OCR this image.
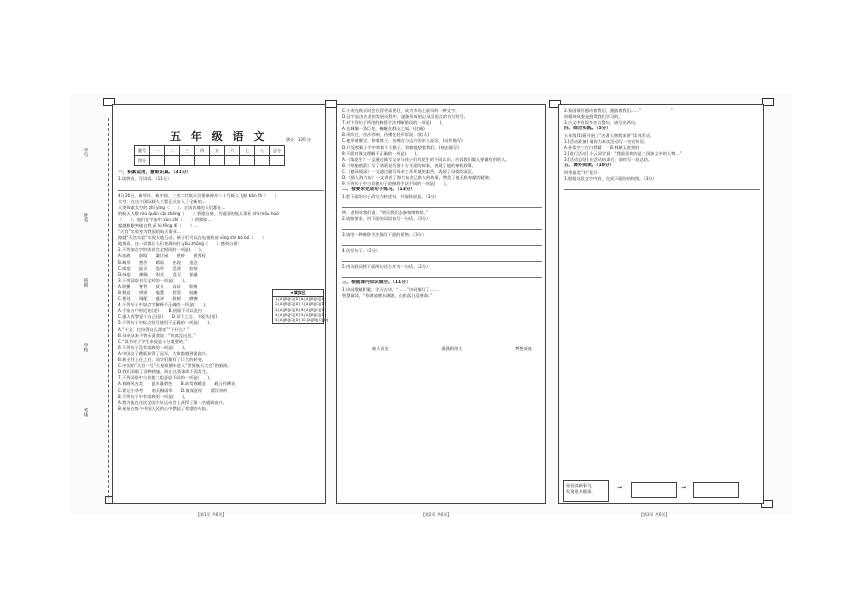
学号
姓名
班级
学校
考场
五 年 级 语 文	满分：120 分
题号	一	二	三	四	五	六	七	八	总分
得分									
一、积累运用，慧眼识真。（31分）
1.读拼音，写词语。（11分）
4月26日，新华社、新中国、三杰二红航天员搭乘神舟二十号载人飞船 bān fā（　　）
太空。在这个国际载人工程正式步入了全新的...
人类探索太空的 zhǐ yǐng（　　）。全国各地的人们都在...
的航天人敬 mù quān cǎi zhēng（　　）骄傲自豪，为祖国的航天事业 chí mōu huò
（　　）。他们在宇宙中 xùn zhǐ（　　）的脚步...
超越极限突破自我 yī lù fēng dī（　　）...
“天宫”实验室为我国的航天事业...
路越“天宫实验”实现天地互动，新子们可以在电视机前 xīng zhì bó bó（　　）
地观看，这一切都让人们充满向往 yǒu zhōng（　　）感到自豪！
2.下列加点字的读音完全相同的一项是(　　)。
A.血液　　崩塌　　谦让闲　　供桥　　供养权
B.畸形　　愁苦　　晴雨　　出现　　追念
C.威望　　捉弄　　恐吓　　晃荡　　狡辩
D.咏思　　瞅瞄　　纵比　　盘亘　　掂量
3.下列词语书写全对的一项是(　　)。
A.纵横　　脊背　　拭又　　耸耸　　欺悔
B.惬意　　辨别　　聪慧　　唇窝　　脏腑
C.相处　　调配　　慈祥　　脸颊　　磨擦
4.下列句子中加点字解释不正确的一项是(　　)。
A.千家万户相近处(见) 　　B.剖面不可以乱扫
C.强人有警觉于自己(意)　　D.哥于之言，不能失(语)
5.下列句子中标点符号使用不正确的一项是(　　)。
A.“小宝，打扮得这么漂亮”“干什么？”
B.母亲从来不曾斥责我说：“你真没出息。”
C.“读书对于学生来说是十分重要的。”
6.下列句子没有语病的一项是(　　)。
A.中国女子跳板获得了冠军，大家都感到很高兴。
B.新主任上任之后，同学们都有了巨大的转变。
C.中国的“天宫一号”火星探测车进入“世界航天大会”的新闻。
D.我们采取了各种措施，防止这类事故不再发生。
7.下列词语中与其他三组意思不同的一项是(　　)。
A.春晓风光美　　夏乡暮碧色　　B.前驾春暖意　　截公作撰表
C.紧记小华考　　南天桐雨华　　D.情深意厚　　漂浮奈何
8.下列句子中有语病的一项是(　　)。
A.我为能在这次全国少年运动会上获得了第一名感到高兴。
B.星星在每个中国人民的心中燃起了希望的火焰。
★填涂区
1.[A][B][C][D] 6.[A][B][C][D]
2.[A][B][C][D] 7.[A][B][C][D]
3.[A][B][C][D] 8.[A][B][C][D]
4.[A][B][C][D] 9.[A][B][C][D]
5.[A][B][C][D] 10.[A][B][C][D]
【第1页 共6页】
C.小麦在秋天时会长得更高更壮，成为市场上最早的一种文字。
D.汉字是由古老的发展历程中，逐渐形成的记录汉语言的书写符号。
7.对下列句子所用的修辞手法判断错误的一项是(　　)。
A.长城像一条巨龙，蜿蜒在群山之间。(比喻)
B.风吹过，沙沙作响，仿佛在轻声诉说。(拟人)
C.他举着脚尖，伸着脖子，仿佛在与远方的亲人说话。(动作描写)
D.只见那猴子手中拿着个大桃子，狡黠地望着我们。(神态描写)
8.下面对课文理解不正确的一项是(　　)。
A.《落花生》一文通过描写父亲与孩子们对花生的不同认识，告诉我们做人要做有用的人。
B.《草船借箭》写了诸葛亮巧借十万支箭的故事，表现了他的神机妙算。
C.《慈母情深》一文通过描写母亲工作环境的艰苦，表现了母爱的深沉。
D.《猎人海力布》一文讲述了海力布舍己救人的故事，赞美了他无私奉献的精神。
9.下列句子中与其他句子的修辞手法不同的一项是(　　)。
二、按要求完成句子练习。（13分）
1.把下面的句子改写为转述句，并保持原意。（3分）
例：老师对我们说：“明天我们去参观博物馆。”
2.请按要求，用下面的词语各写一句话。（3分）
3.请用一种修辞手法描写下面的景物。（3分）
4.仿写句子。（2分）
5.用关联词将下面两句话合并为一句话。（2分）
三、根据课内知识填空。（11分）
1.诗词歌赋积累，学习古诗，“……”诗词描写了……
智慧诵读，“草满池塘水满陂，山衔落日浸寒漪。”
新人袁农	燕燕相待人	梦想成真
【第2页 共6页】
2.家国情怀感动着我们，激励着我们……“　　　　　　　”
的精神风貌是值得我们学习的。
3.古文中有很多名言警句，请写出两句。
四、综合实践。（5分）
五年级(1)班开展了“名著人物我来讲”读书活动。
1.[活动准备] 请你为本次活动写一句宣传语。
A.孙悟空三打白骨精　　B.林黛玉进贾府
2.[进行活动] 小云同学说：“我最喜欢的是三国演义中的人物…”
3.[活动总结] 在活动结束后，请你写一段总结。
五、课外阅读。（10分）
四季最美“书”花开
1.根据这段文字内容，完成下面的结构图。（3分）
孙叔读新事马，
发现很多趣事。
→	→
【第3页 共6页】
